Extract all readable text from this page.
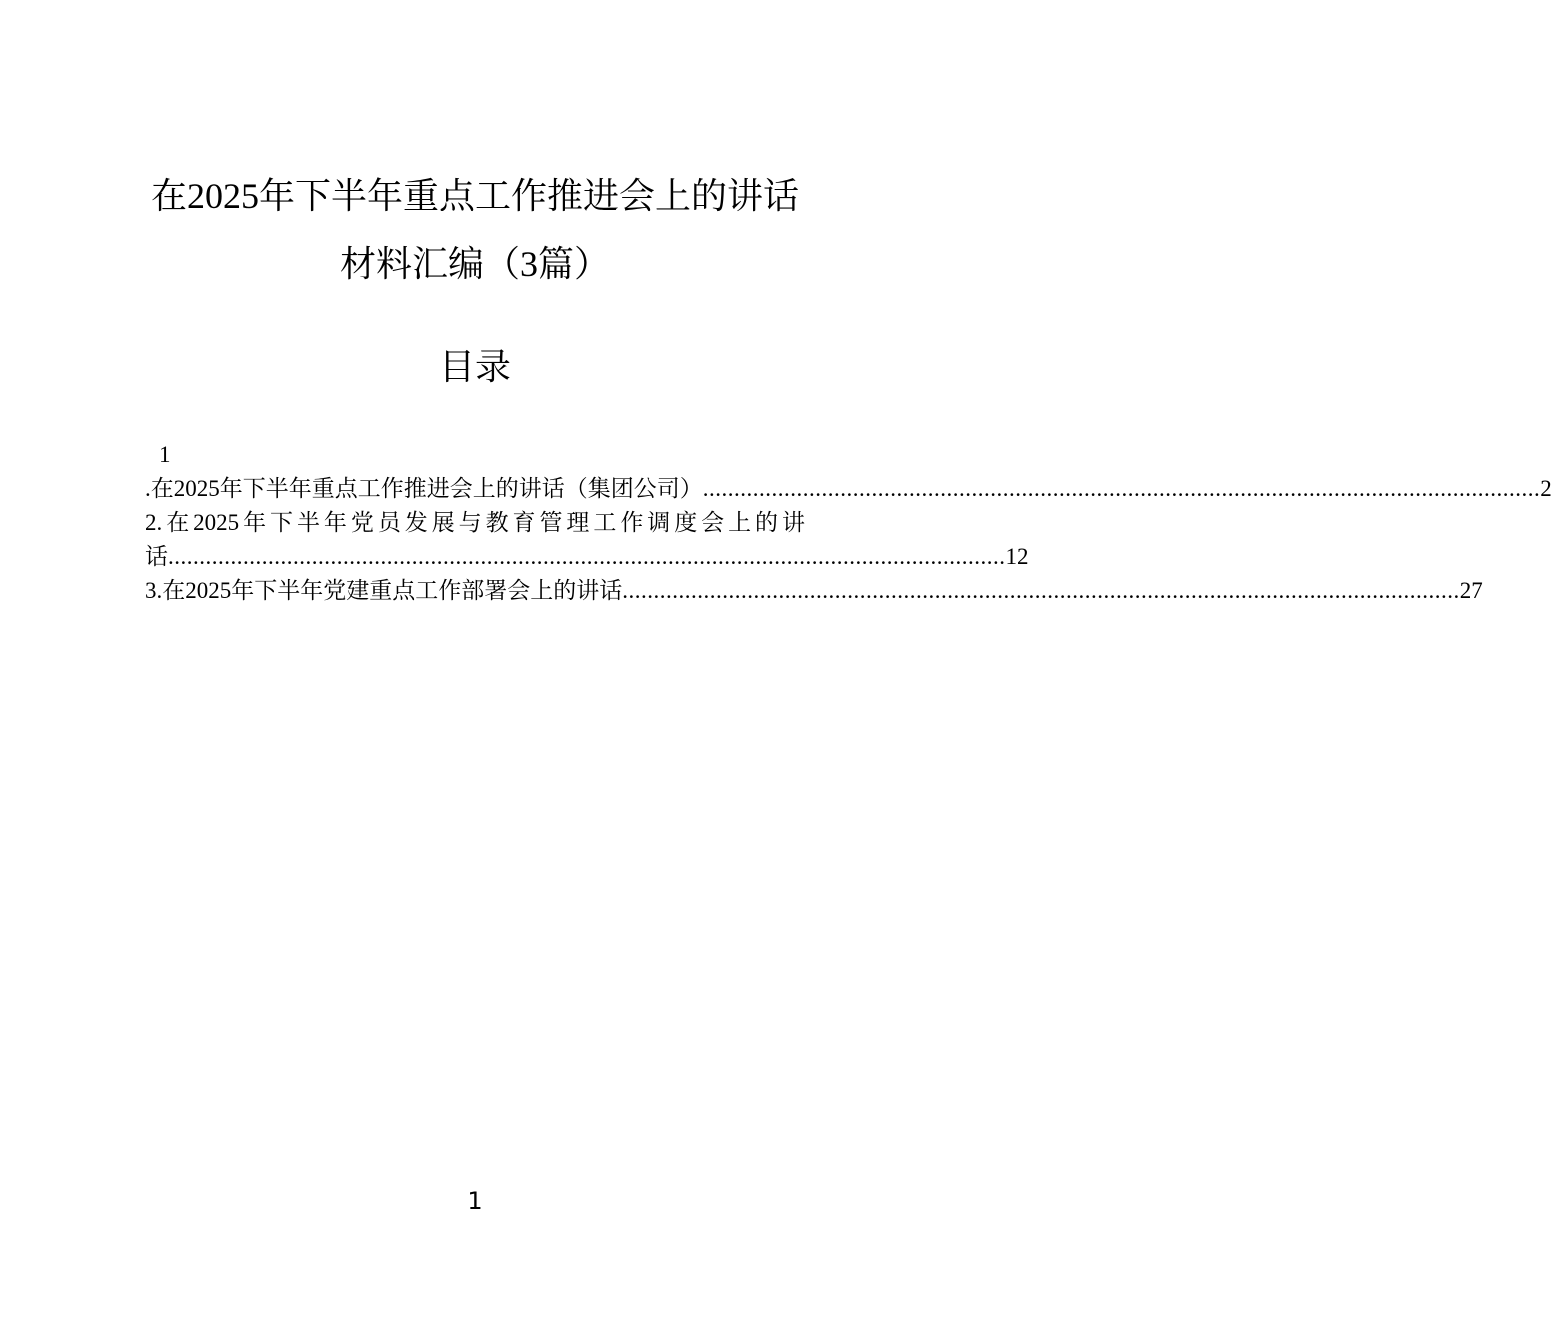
在2025年下半年重点工作推进会上的讲话
材料汇编（3篇）
目录
1
.在2025年下半年重点工作推进会上的讲话（集团公司） ...................................................................................................................................... 2
2.在2025年下半年党员发展与教育管理工作调度会上的讲
话 ...................................................................................................................................... 12
3.在2025年下半年党建重点工作部署会上的讲话 ...................................................................................................................................... 27
1
